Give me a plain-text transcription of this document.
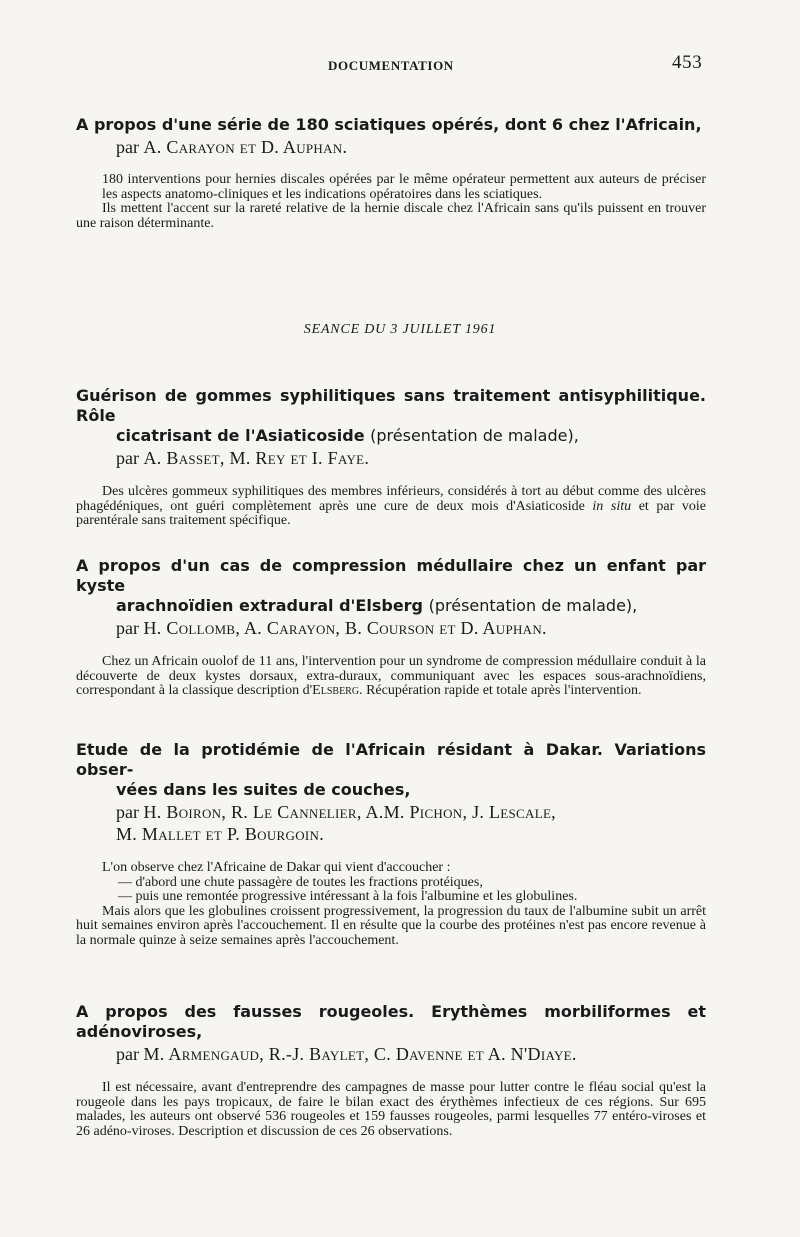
DOCUMENTATION	453
A propos d'une série de 180 sciatiques opérés, dont 6 chez l'Africain,
par A. Carayon et D. Auphan.

180 interventions pour hernies discales opérées par le même opérateur permettent aux auteurs de préciser les aspects anatomo-cliniques et les indications opératoires dans les sciatiques.

Ils mettent l'accent sur la rareté relative de la hernie discale chez l'Africain sans qu'ils puissent en trouver une raison déterminante.

SEANCE DU 3 JUILLET 1961
Guérison de gommes syphilitiques sans traitement antisyphilitique. Rôle
cicatrisant de l'Asiaticoside (présentation de malade),
par A. Basset, M. Rey et I. Faye.

Des ulcères gommeux syphilitiques des membres inférieurs, considérés à tort au début comme des ulcères phagédéniques, ont guéri complètement après une cure de deux mois d'Asiaticoside in situ et par voie parentérale sans traitement spécifique.

A propos d'un cas de compression médullaire chez un enfant par kyste
arachnoïdien extradural d'Elsberg (présentation de malade),
par H. Collomb, A. Carayon, B. Courson et D. Auphan.

Chez un Africain ouolof de 11 ans, l'intervention pour un syndrome de compression médullaire conduit à la découverte de deux kystes dorsaux, extra-duraux, communiquant avec les espaces sous-arachnoïdiens, correspondant à la classique description d'Elsberg. Récupération rapide et totale après l'intervention.

Etude de la protidémie de l'Africain résidant à Dakar. Variations obser-
vées dans les suites de couches,
par H. Boiron, R. Le Cannelier, A.M. Pichon, J. Lescale,
M. Mallet et P. Bourgoin.

L'on observe chez l'Africaine de Dakar qui vient d'accoucher :

— d'abord une chute passagère de toutes les fractions protéiques,

— puis une remontée progressive intéressant à la fois l'albumine et les globulines.

Mais alors que les globulines croissent progressivement, la progression du taux de l'albumine subit un arrêt huit semaines environ après l'accouchement. Il en résulte que la courbe des protéines n'est pas encore revenue à la normale quinze à seize semaines après l'accouchement.

A propos des fausses rougeoles. Erythèmes morbiliformes et adénoviroses,
par M. Armengaud, R.-J. Baylet, C. Davenne et A. N'Diaye.

Il est nécessaire, avant d'entreprendre des campagnes de masse pour lutter contre le fléau social qu'est la rougeole dans les pays tropicaux, de faire le bilan exact des érythèmes infectieux de ces régions. Sur 695 malades, les auteurs ont observé 536 rougeoles et 159 fausses rougeoles, parmi lesquelles 77 entéro-viroses et 26 adéno-viroses. Description et discussion de ces 26 observations.
